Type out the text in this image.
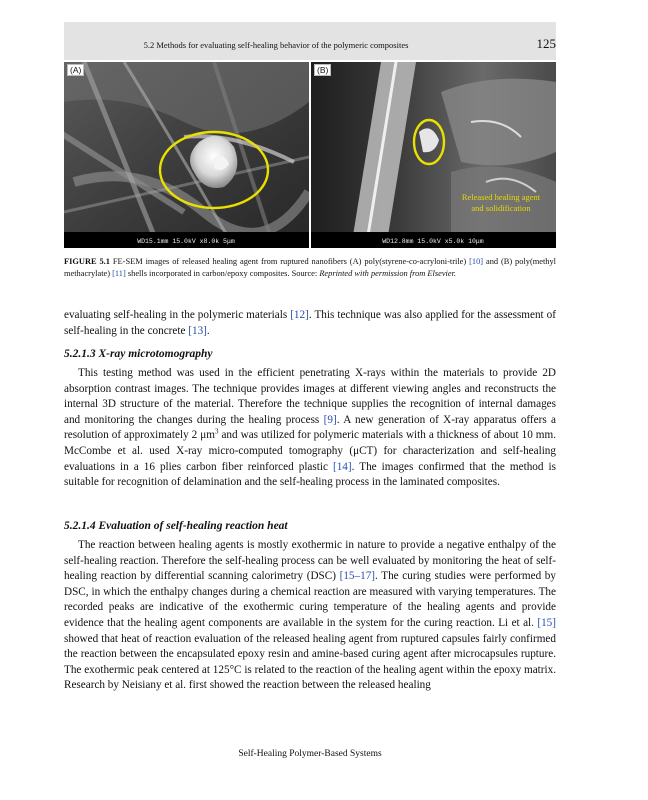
5.2 Methods for evaluating self-healing behavior of the polymeric composites	125
WD15.1mm 15.0kV x8.0k 5μm
(A)
Released healing agent
and solidification
WD12.8mm 15.0kV x5.0k 10μm
(B)
FIGURE 5.1 FE-SEM images of released healing agent from ruptured nanofibers (A) poly(styrene-co-acryloni-trile) [10] and (B) poly(methyl methacrylate) [11] shells incorporated in carbon/epoxy composites. Source: Reprinted with permission from Elsevier.
evaluating self-healing in the polymeric materials [12]. This technique was also applied for the assessment of self-healing in the concrete [13].
5.2.1.3 X-ray microtomography
This testing method was used in the efficient penetrating X-rays within the materials to provide 2D absorption contrast images. The technique provides images at different viewing angles and reconstructs the internal 3D structure of the material. Therefore the technique supplies the recognition of internal damages and monitoring the changes during the healing process [9]. A new generation of X-ray apparatus offers a resolution of approximately 2 $\mu m^3$ and was utilized for polymeric materials with a thickness of about 10 mm. McCombe et al. used X-ray micro-computed tomography (μCT) for characterization and self-healing evaluations in a 16 plies carbon fiber reinforced plastic [14]. The images confirmed that the method is suitable for recognition of delamination and the self-healing process in the laminated composites.
5.2.1.4 Evaluation of self-healing reaction heat
The reaction between healing agents is mostly exothermic in nature to provide a negative enthalpy of the self-healing reaction. Therefore the self-healing process can be well evaluated by monitoring the heat of self-healing reaction by differential scanning calorimetry (DSC) [15–17]. The curing studies were performed by DSC, in which the enthalpy changes during a chemical reaction are measured with varying temperatures. The recorded peaks are indicative of the exothermic curing temperature of the healing agents and provide evidence that the healing agent components are available in the system for the curing reaction. Li et al. [15] showed that heat of reaction evaluation of the released healing agent from ruptured capsules fairly confirmed the reaction between the encapsulated epoxy resin and amine-based curing agent after microcapsules rupture. The exothermic peak centered at 125°C is related to the reaction of the healing agent within the epoxy matrix. Research by Neisiany et al. first showed the reaction between the released healing
Self-Healing Polymer-Based Systems
